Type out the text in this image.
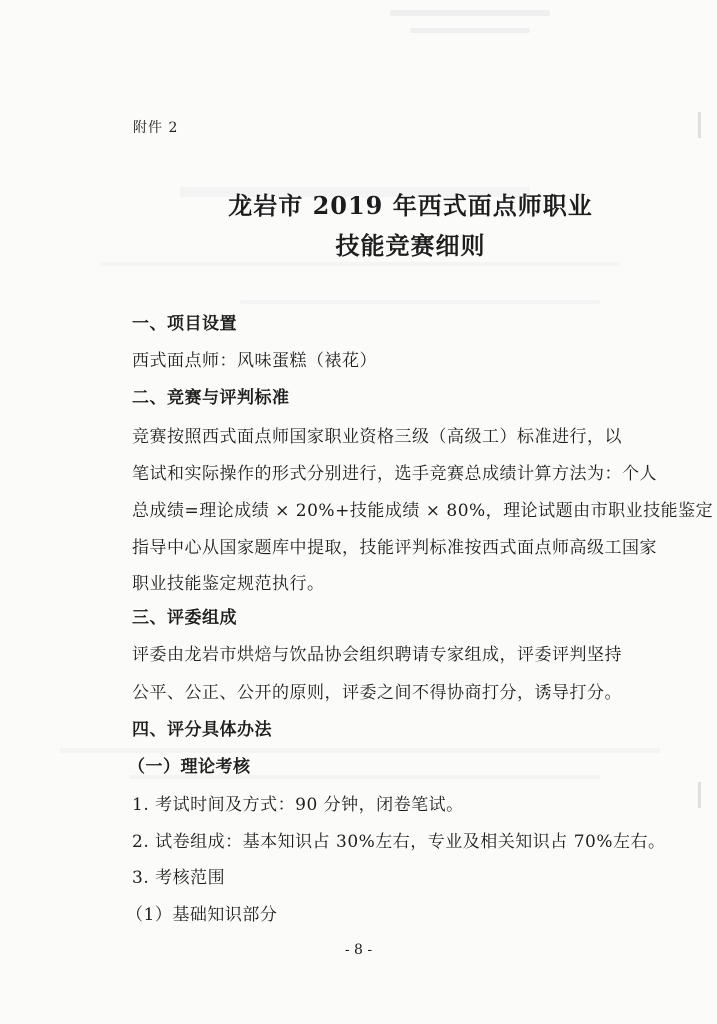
附件 2
龙岩市 2019 年西式面点师职业
技能竞赛细则
一、项目设置
西式面点师：风味蛋糕（裱花）
二、竞赛与评判标准
竞赛按照西式面点师国家职业资格三级（高级工）标准进行，以
笔试和实际操作的形式分别进行，选手竞赛总成绩计算方法为：个人
总成绩=理论成绩 × 20%+技能成绩 × 80%，理论试题由市职业技能鉴定
指导中心从国家题库中提取，技能评判标准按西式面点师高级工国家
职业技能鉴定规范执行。
三、评委组成
评委由龙岩市烘焙与饮品协会组织聘请专家组成，评委评判坚持
公平、公正、公开的原则，评委之间不得协商打分，诱导打分。
四、评分具体办法
（一）理论考核
1. 考试时间及方式：90 分钟，闭卷笔试。
2. 试卷组成：基本知识占 30%左右，专业及相关知识占 70%左右。
3. 考核范围
（1）基础知识部分
- 8 -
